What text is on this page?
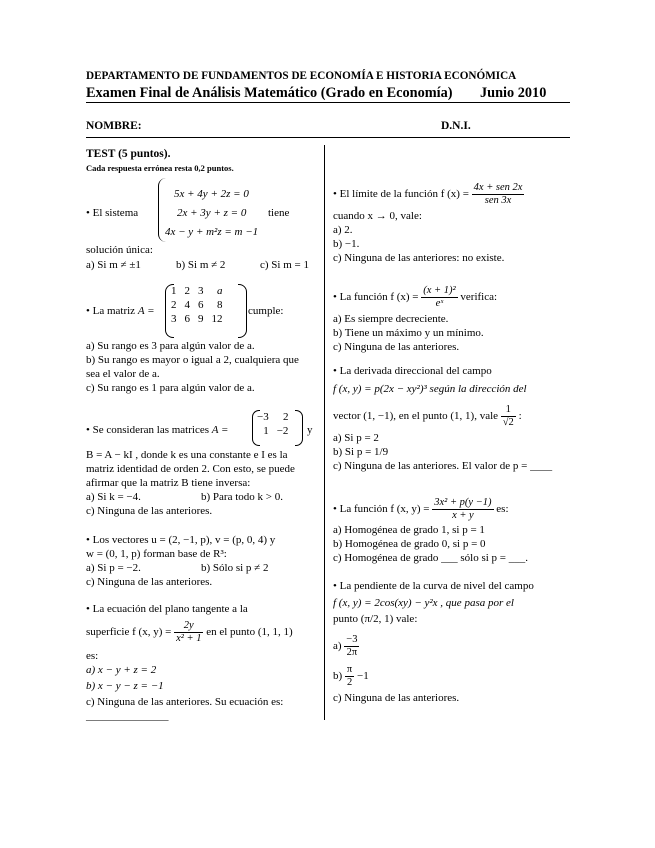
DEPARTAMENTO DE FUNDAMENTOS DE ECONOMÍA E HISTORIA ECONÓMICA
Examen Final de Análisis Matemático (Grado en Economía) Junio 2010
NOMBRE:	D.N.I.
TEST (5 puntos).
Cada respuesta errónea resta 0,2 puntos.
• El sistema
5x + 4y + 2z = 0
2x + 3y + z = 0
4x − y + m²z = m −1
tiene
solución única:
a) Si m ≠ ±1	b) Si m ≠ 2	c) Si m = 1
• La matriz A =
1	2	3	a
2	4	6	8
3	6	9	12
cumple:
a) Su rango es 3 para algún valor de a.
b) Su rango es mayor o igual a 2, cualquiera que
sea el valor de a.
c) Su rango es 1 para algún valor de a.
• Se consideran las matrices A =
−3	2
1	−2 y
B = A − kI , donde k es una constante e I es la
matriz identidad de orden 2. Con esto, se puede
afirmar que la matriz B tiene inversa:
a) Si k = −4.	b) Para todo k > 0.
c) Ninguna de las anteriores.
• Los vectores u = (2, −1, p), v = (p, 0, 4) y
w = (0, 1, p) forman base de R³:
a) Si p = −2.	b) Sólo si p ≠ 2
c) Ninguna de las anteriores.
• La ecuación del plano tangente a la
superficie f (x, $y) = \frac{2y}{\text{x² + 1}}$ en el punto (1, 1, 1)
es:
a) x − y + z = 2
b) x − y − z = −1
c) Ninguna de las anteriores. Su ecuación es:
_______________
• El límite de la función f $(x) = \frac{\text{4x + sen 2x}}{\text{sen 3x}}$
cuando x → 0, vale:
a) 2.
b) −1.
c) Ninguna de las anteriores: no existe.
• La función f $(x) = \frac{\text{(x + 1)²}}{\text{eˣ}}$ verifica:
a) Es siempre decreciente.
b) Tiene un máximo y un mínimo.
c) Ninguna de las anteriores.
• La derivada direccional del campo
f (x, y) = p(2x − xy²)³ según la dirección del
vector (1, −1), en el punto (1, 1), vale $\frac{1}{√2}$ :
a) Si p = 2
b) Si p = 1/9
c) Ninguna de las anteriores. El valor de p = ____
• La función f (x, $y) = \frac{\text{3x² + p(y −1)}}{x + y}$ es:
a) Homogénea de grado 1, si p = 1
b) Homogénea de grado 0, si p = 0
c) Homogénea de grado ___ sólo si p = ___.
• La pendiente de la curva de nivel del campo
f (x, y) = 2cos(xy) − y²x , que pasa por el
punto (π/2, 1) vale:
$a) \frac{-3}{2\pi}$
$b) \frac{\pi}{2} -1$
c) Ninguna de las anteriores.
